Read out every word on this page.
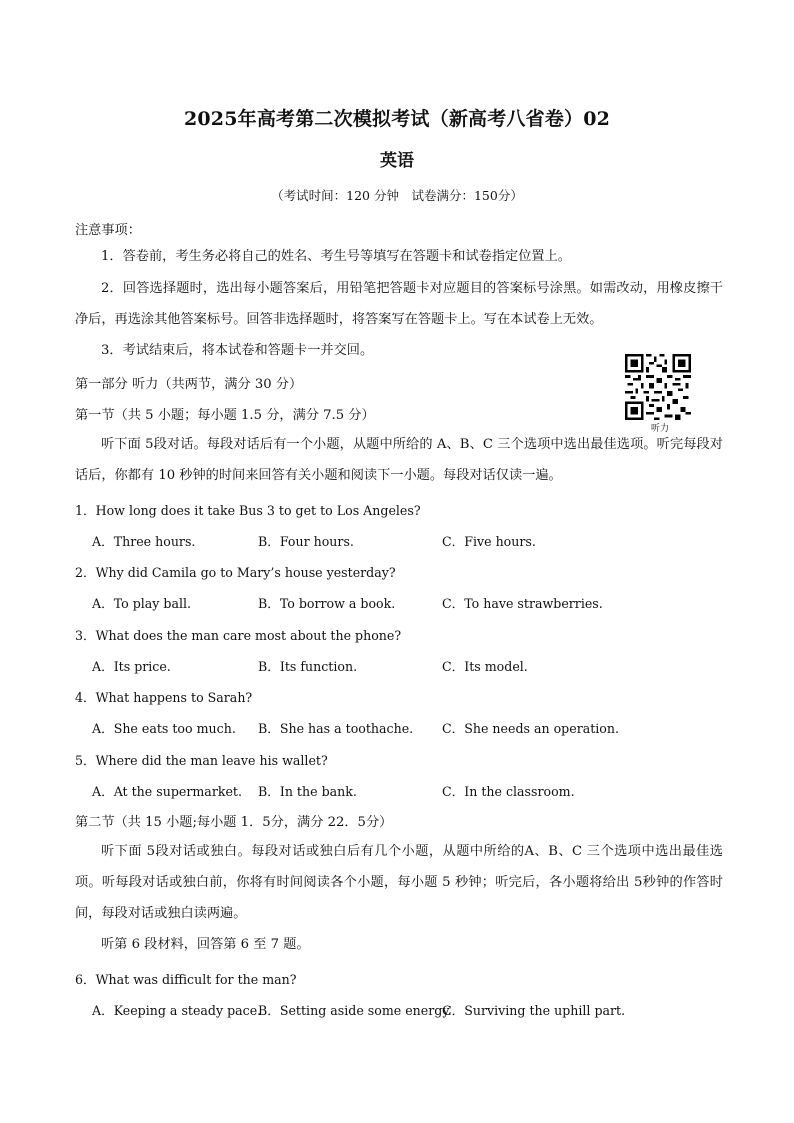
2025年高考第二次模拟考试（新高考八省卷）02
英语
（考试时间：120 分钟　试卷满分：150分）
注意事项：
1．答卷前，考生务必将自己的姓名、考生号等填写在答题卡和试卷指定位置上。
2．回答选择题时，选出每小题答案后，用铅笔把答题卡对应题目的答案标号涂黑。如需改动，用橡皮擦干净后，再选涂其他答案标号。回答非选择题时，将答案写在答题卡上。写在本试卷上无效。
3．考试结束后，将本试卷和答题卡一并交回。
第一部分 听力（共两节，满分 30 分）
听力
第一节（共 5 小题；每小题 1.5 分，满分 7.5 分）
听下面 5段对话。每段对话后有一个小题，从题中所给的 A、B、C 三个选项中选出最佳选项。听完每段对话后，你都有 10 秒钟的时间来回答有关小题和阅读下一小题。每段对话仅读一遍。
1．How long does it take Bus 3 to get to Los Angeles?
A．Three hours.	B．Four hours.	C．Five hours.
2．Why did Camila go to Mary’s house yesterday?
A．To play ball.	B．To borrow a book.	C．To have strawberries.
3．What does the man care most about the phone?
A．Its price.	B．Its function.	C．Its model.
4．What happens to Sarah?
A．She eats too much. B．She has a toothache. C．She needs an operation.
5．Where did the man leave his wallet?
A．At the supermarket. B．In the bank.	C．In the classroom.
第二节（共 15 小题;每小题 1．5分，满分 22．5分）
听下面 5段对话或独白。每段对话或独白后有几个小题，从题中所给的A、B、C 三个选项中选出最佳选项。听每段对话或独白前，你将有时间阅读各个小题，每小题 5 秒钟；听完后，各小题将给出 5秒钟的作答时间，每段对话或独白读两遍。
听第 6 段材料，回答第 6 至 7 题。
6．What was difficult for the man?
A．Keeping a steady pace.
B．Setting aside some energy.
C．Surviving the uphill part.
